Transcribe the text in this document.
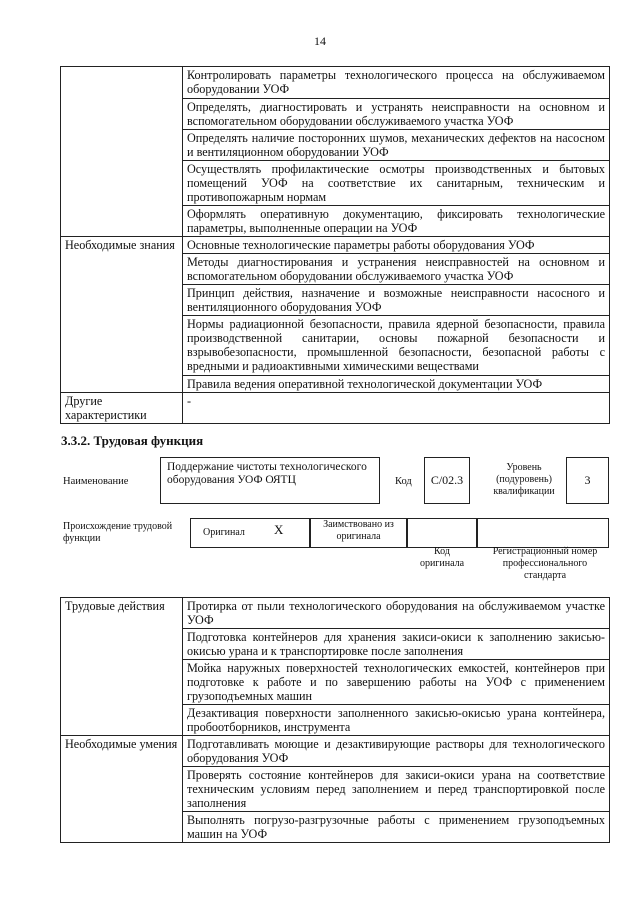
14
	Контролировать параметры технологического процесса на обслуживаемом оборудовании УОФ
	Определять, диагностировать и устранять неисправности на основном и вспомогательном оборудовании обслуживаемого участка УОФ
	Определять наличие посторонних шумов, механических дефектов на насосном и вентиляционном оборудовании УОФ
	Осуществлять профилактические осмотры производственных и бытовых помещений УОФ на соответствие их санитарным, техническим и противопожарным нормам
	Оформлять оперативную документацию, фиксировать технологические параметры, выполненные операции на УОФ
Необходимые знания	Основные технологические параметры работы оборудования УОФ
	Методы диагностирования и устранения неисправностей на основном и вспомогательном оборудовании обслуживаемого участка УОФ
	Принцип действия, назначение и возможные неисправности насосного и вентиляционного оборудования УОФ
	Нормы радиационной безопасности, правила ядерной безопасности, правила производственной санитарии, основы пожарной безопасности и взрывобезопасности, промышленной безопасности, безопасной работы с вредными и радиоактивными химическими веществами
	Правила ведения оперативной технологической документации УОФ
Другие характеристики	-
3.3.2. Трудовая функция
Наименование
Поддержание чистоты технологического оборудования УОФ ОЯТЦ	Код	С/02.3
Уровень (подуровень) квалификации
3
Происхождение трудовой функции
Оригинал X	Заимствовано из оригинала
Код оригинала
Регистрационный номер профессионального стандарта
Трудовые действия	Протирка от пыли технологического оборудования на обслуживаемом участке УОФ
	Подготовка контейнеров для хранения закиси-окиси к заполнению закисью-окисью урана и к транспортировке после заполнения
	Мойка наружных поверхностей технологических емкостей, контейнеров при подготовке к работе и по завершению работы на УОФ с применением грузоподъемных машин
	Дезактивация поверхности заполненного закисью-окисью урана контейнера, пробоотборников, инструмента
Необходимые умения	Подготавливать моющие и дезактивирующие растворы для технологического оборудования УОФ
	Проверять состояние контейнеров для закиси-окиси урана на соответствие техническим условиям перед заполнением и перед транспортировкой после заполнения
	Выполнять погрузо-разгрузочные работы с применением грузоподъемных машин на УОФ
